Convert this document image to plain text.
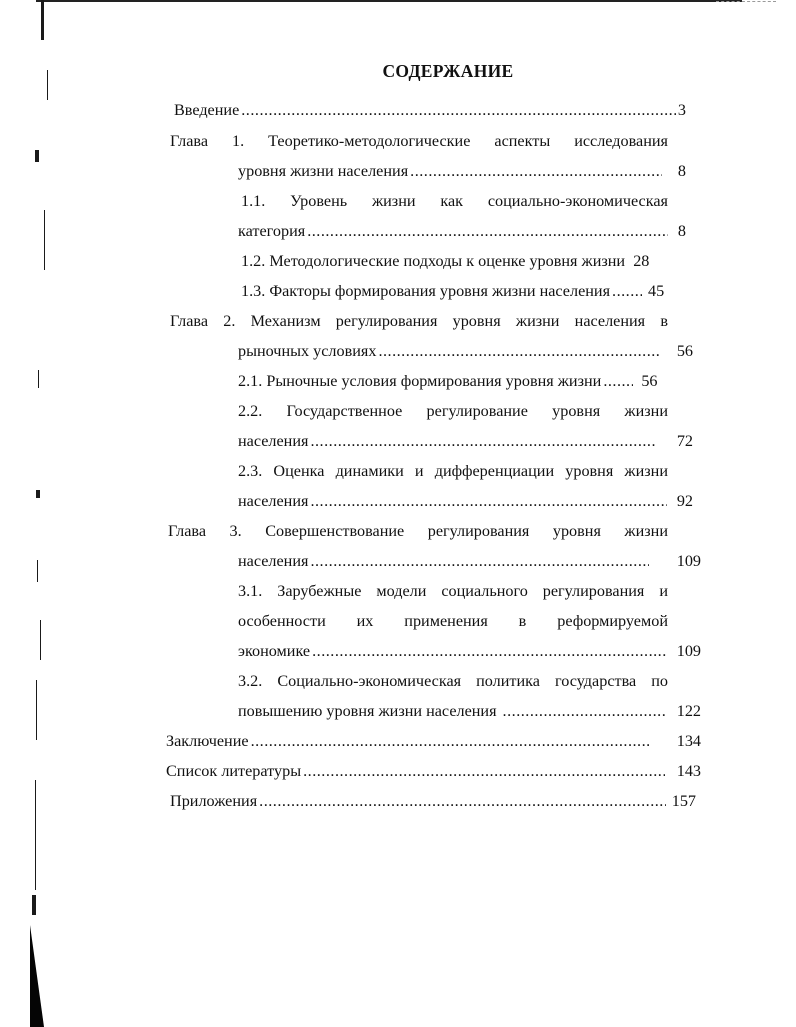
СОДЕРЖАНИЕ
Введение .....	3
Глава 1. Теоретико-методологические аспекты исследования
уровня жизни населения .....	8
1.1. Уровень жизни как социально-экономическая
категория .....	8
1.2. Методологические подходы к оценке уровня жизни 28
1.3. Факторы формирования уровня жизни населения ..... 45
Глава 2. Механизм регулирования уровня жизни населения в
рыночных условиях .....	56
2.1. Рыночные условия формирования уровня жизни ..... 56
2.2. Государственное регулирование уровня жизни
населения .....	72
2.3. Оценка динамики и дифференциации уровня жизни
населения .....	92
Глава 3. Совершенствование регулирования уровня жизни
населения .....	109
3.1. Зарубежные модели социального регулирования и
особенности их применения в реформируемой
экономике .....	109
3.2. Социально-экономическая политика государства по
повышению уровня жизни населения .....	122
Заключение .....	134
Список литературы .....	143
Приложения .....	157
